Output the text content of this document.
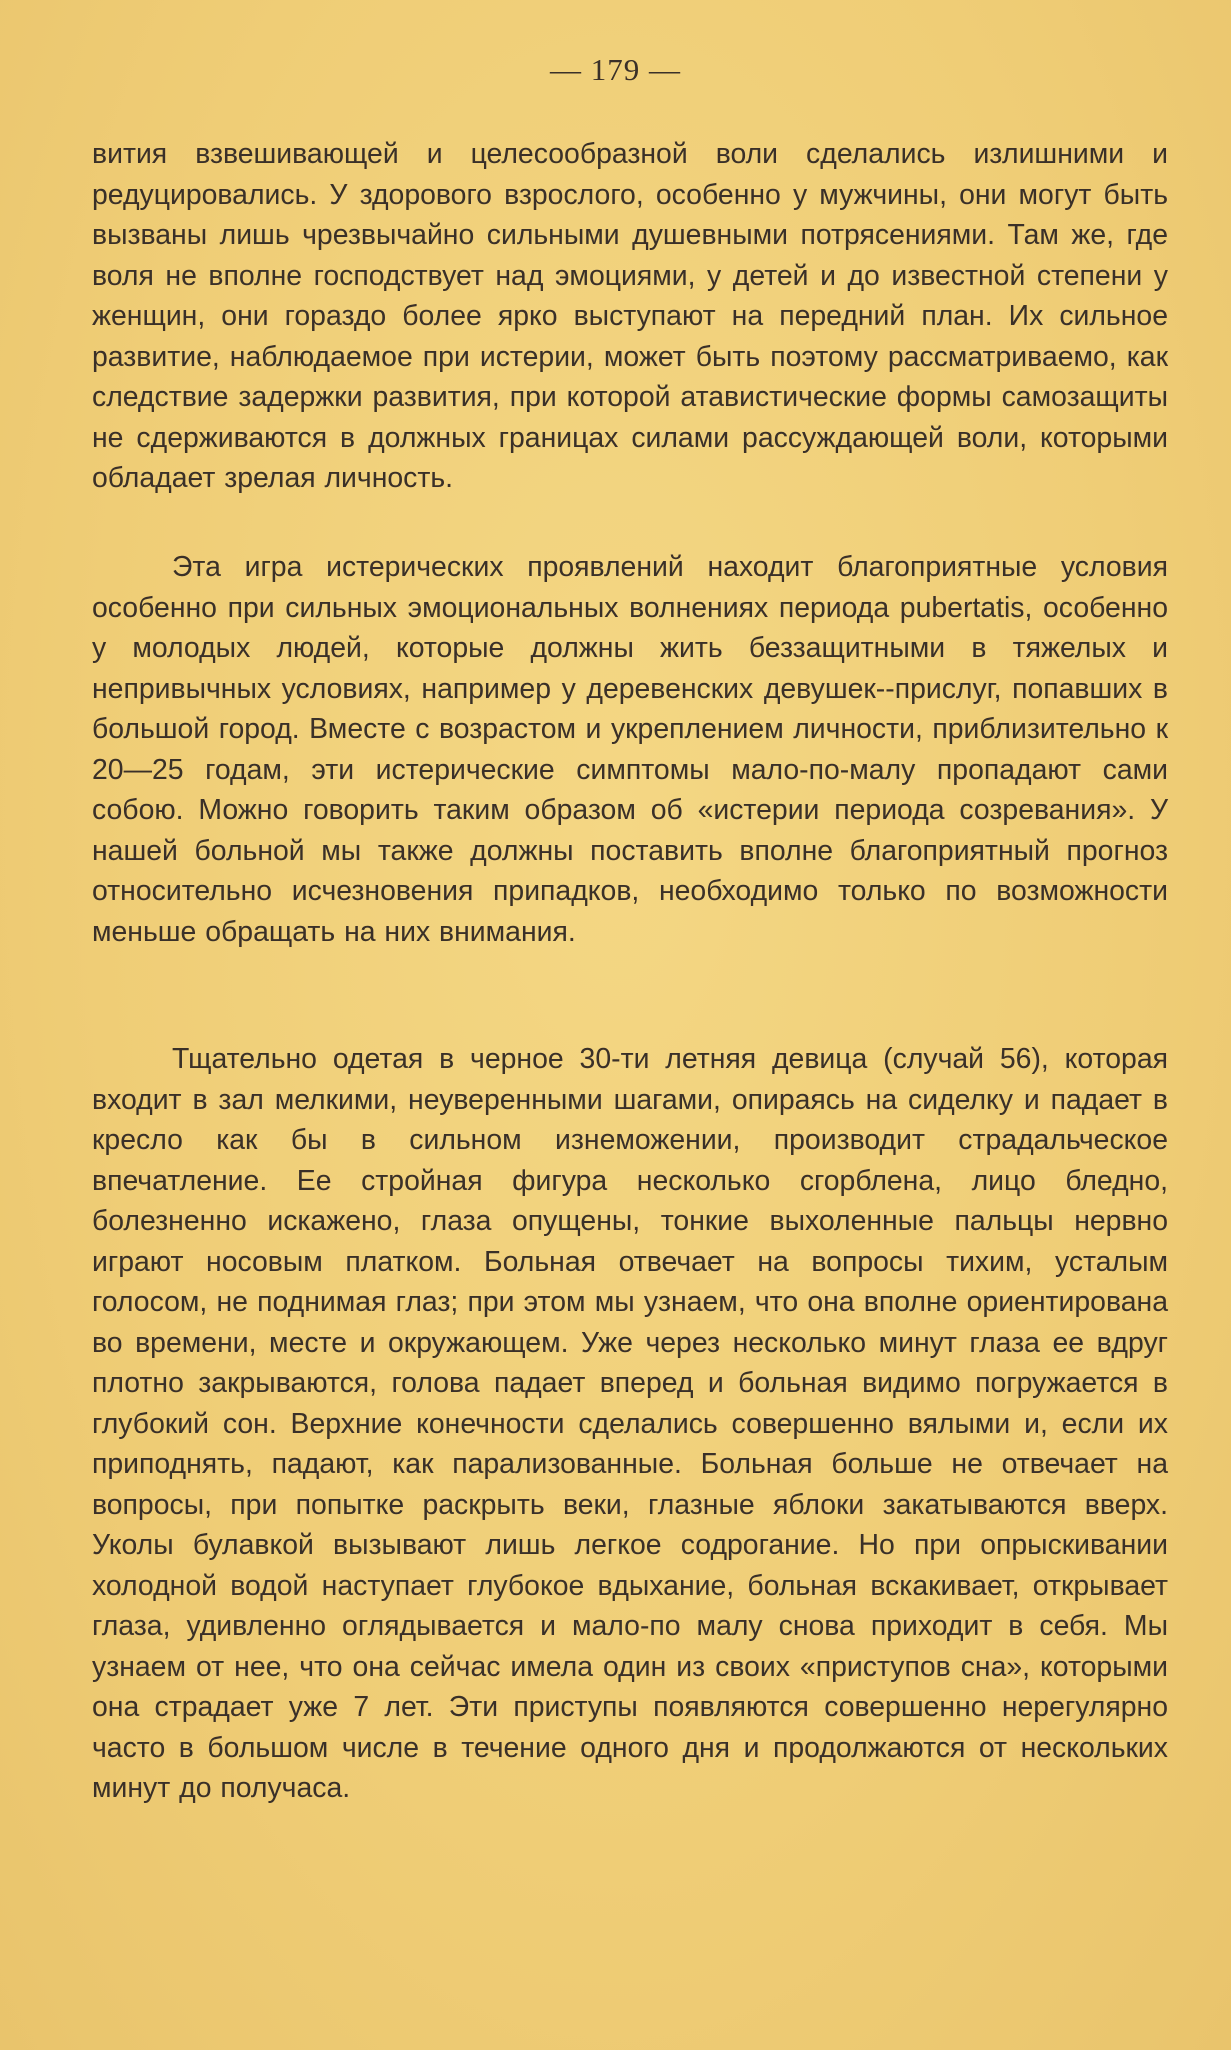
— 179 —

вития взвешивающей и целесообразной воли сделались излишними и редуцировались. У здорового взрослого, особенно у мужчины, они могут быть вызваны лишь чрезвычайно сильными душевными потрясениями. Там же, где воля не вполне господствует над эмоциями, у детей и до известной степени у женщин, они гораздо более ярко выступают на передний план. Их сильное развитие, наблюдаемое при истерии, может быть поэтому рассматриваемо, как следствие задержки развития, при которой атавистические формы самозащиты не сдерживаются в должных границах силами рассуждающей воли, которыми обладает зрелая личность.

Эта игра истерических проявлений находит благоприятные условия особенно при сильных эмоциональных волнениях периода pubertatis, особенно у молодых людей, которые должны жить беззащитными в тяжелых и непривычных условиях, например у деревенских девушек--прислуг, попавших в большой город. Вместе с возрастом и укреплением личности, приблизительно к 20—25 годам, эти истерические симптомы мало-по-малу пропадают сами собою. Можно говорить таким образом об «истерии периода созревания». У нашей больной мы также должны поставить вполне благоприятный прогноз относительно исчезновения припадков, необходимо только по возможности меньше обращать на них внимания.

Тщательно одетая в черное 30-ти летняя девица (случай 56), которая входит в зал мелкими, неуверенными шагами, опираясь на сиделку и падает в кресло как бы в сильном изнеможении, производит страдальческое впечатление. Ее стройная фигура несколько сгорблена, лицо бледно, болезненно искажено, глаза опущены, тонкие выхоленные пальцы нервно играют носовым платком. Больная отвечает на вопросы тихим, усталым голосом, не поднимая глаз; при этом мы узнаем, что она вполне ориентирована во времени, месте и окружающем. Уже через несколько минут глаза ее вдруг плотно закрываются, голова падает вперед и больная видимо погружается в глубокий сон. Верхние конечности сделались совершенно вялыми и, если их приподнять, падают, как парализованные. Больная больше не отвечает на вопросы, при попытке раскрыть веки, глазные яблоки закатываются вверх. Уколы булавкой вызывают лишь легкое содрогание. Но при опрыскивании холодной водой наступает глубокое вдыхание, больная вскакивает, открывает глаза, удивленно оглядывается и мало-по малу снова приходит в себя. Мы узнаем от нее, что она сейчас имела один из своих «приступов сна», которыми она страдает уже 7 лет. Эти приступы появляются совершенно нерегулярно часто в большом числе в течение одного дня и продолжаются от нескольких минут до получаса.
